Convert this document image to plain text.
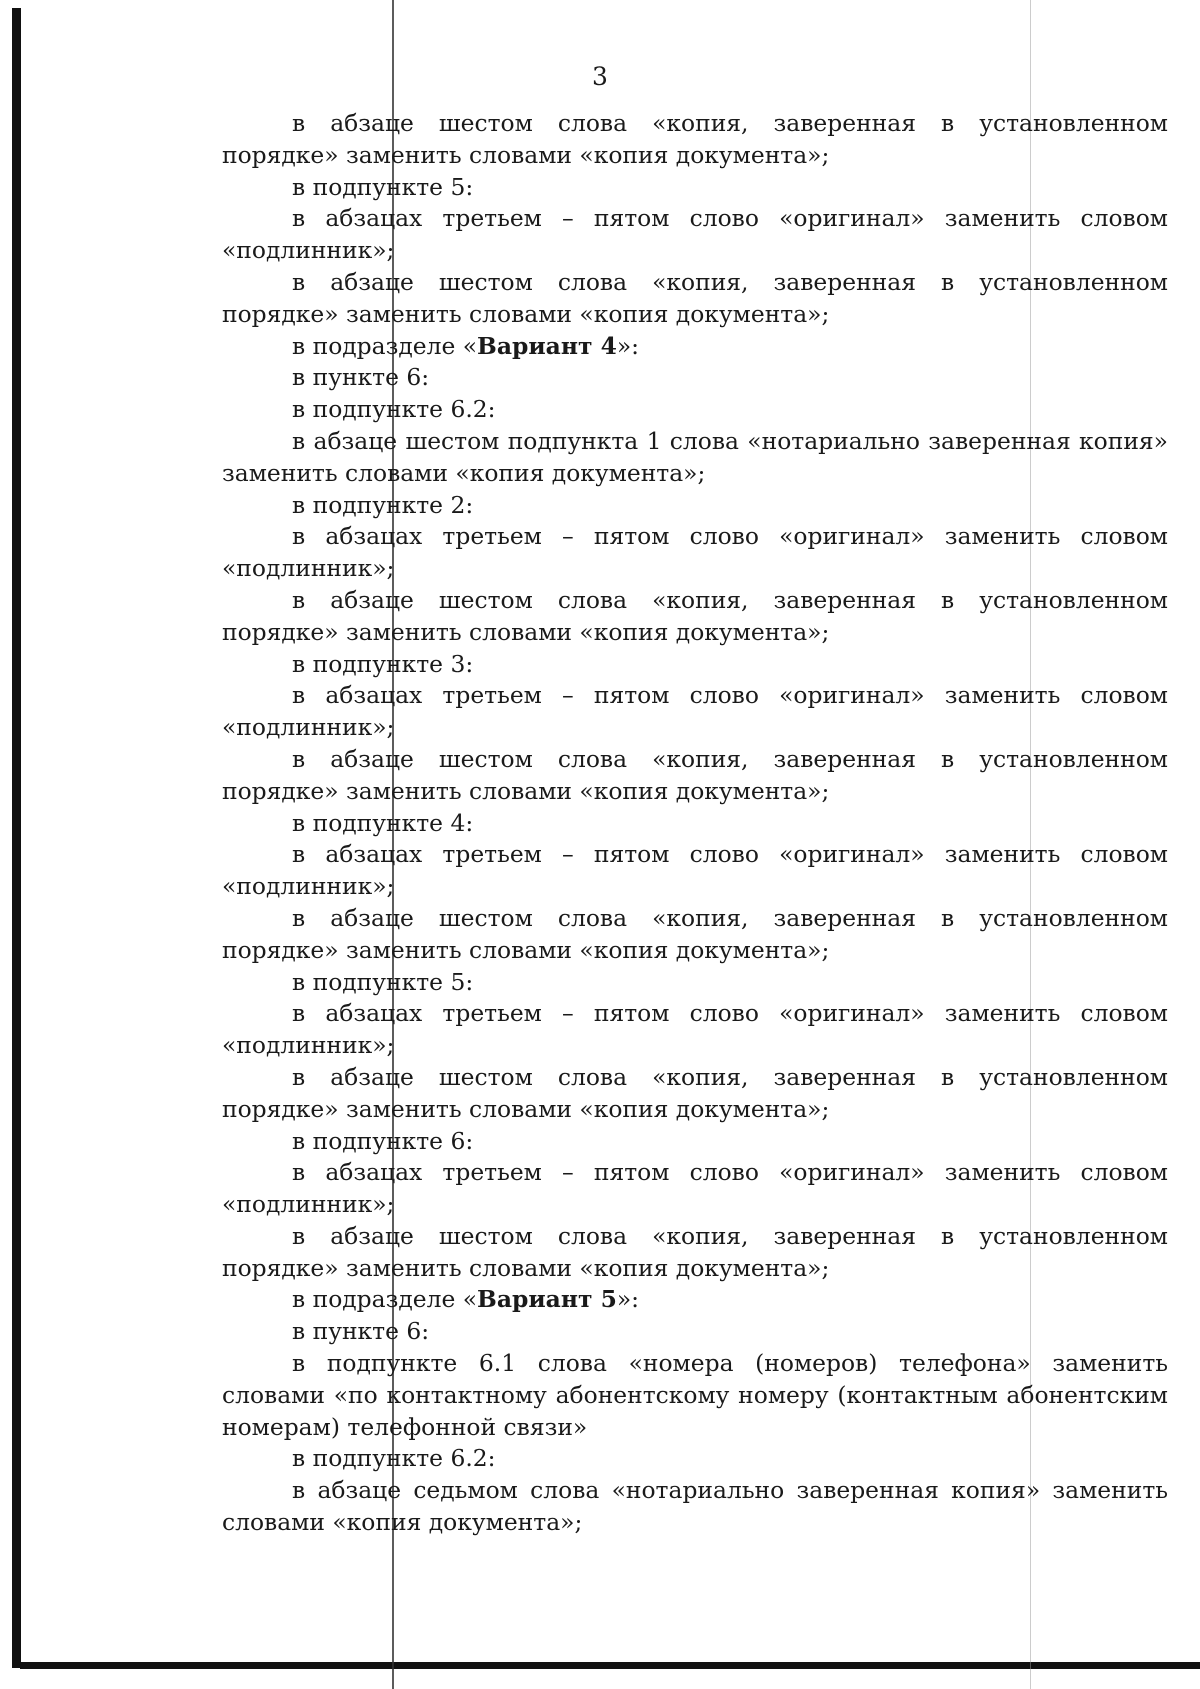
3

в абзаце шестом слова «копия, заверенная в установленном порядке» заменить словами «копия документа»;

в подпункте 5:

в абзацах третьем – пятом слово «оригинал» заменить словом «подлинник»;

в абзаце шестом слова «копия, заверенная в установленном порядке» заменить словами «копия документа»;

в подразделе «Вариант 4»:

в пункте 6:

в подпункте 6.2:

в абзаце шестом подпункта 1 слова «нотариально заверенная копия» заменить словами «копия документа»;

в подпункте 2:

в абзацах третьем – пятом слово «оригинал» заменить словом «подлинник»;

в абзаце шестом слова «копия, заверенная в установленном порядке» заменить словами «копия документа»;

в подпункте 3:

в абзацах третьем – пятом слово «оригинал» заменить словом «подлинник»;

в абзаце шестом слова «копия, заверенная в установленном порядке» заменить словами «копия документа»;

в подпункте 4:

в абзацах третьем – пятом слово «оригинал» заменить словом «подлинник»;

в абзаце шестом слова «копия, заверенная в установленном порядке» заменить словами «копия документа»;

в подпункте 5:

в абзацах третьем – пятом слово «оригинал» заменить словом «подлинник»;

в абзаце шестом слова «копия, заверенная в установленном порядке» заменить словами «копия документа»;

в подпункте 6:

в абзацах третьем – пятом слово «оригинал» заменить словом «подлинник»;

в абзаце шестом слова «копия, заверенная в установленном порядке» заменить словами «копия документа»;

в подразделе «Вариант 5»:

в пункте 6:

в подпункте 6.1 слова «номера (номеров) телефона» заменить словами «по контактному абонентскому номеру (контактным абонентским номерам) телефонной связи»

в подпункте 6.2:

в абзаце седьмом слова «нотариально заверенная копия» заменить словами «копия документа»;
